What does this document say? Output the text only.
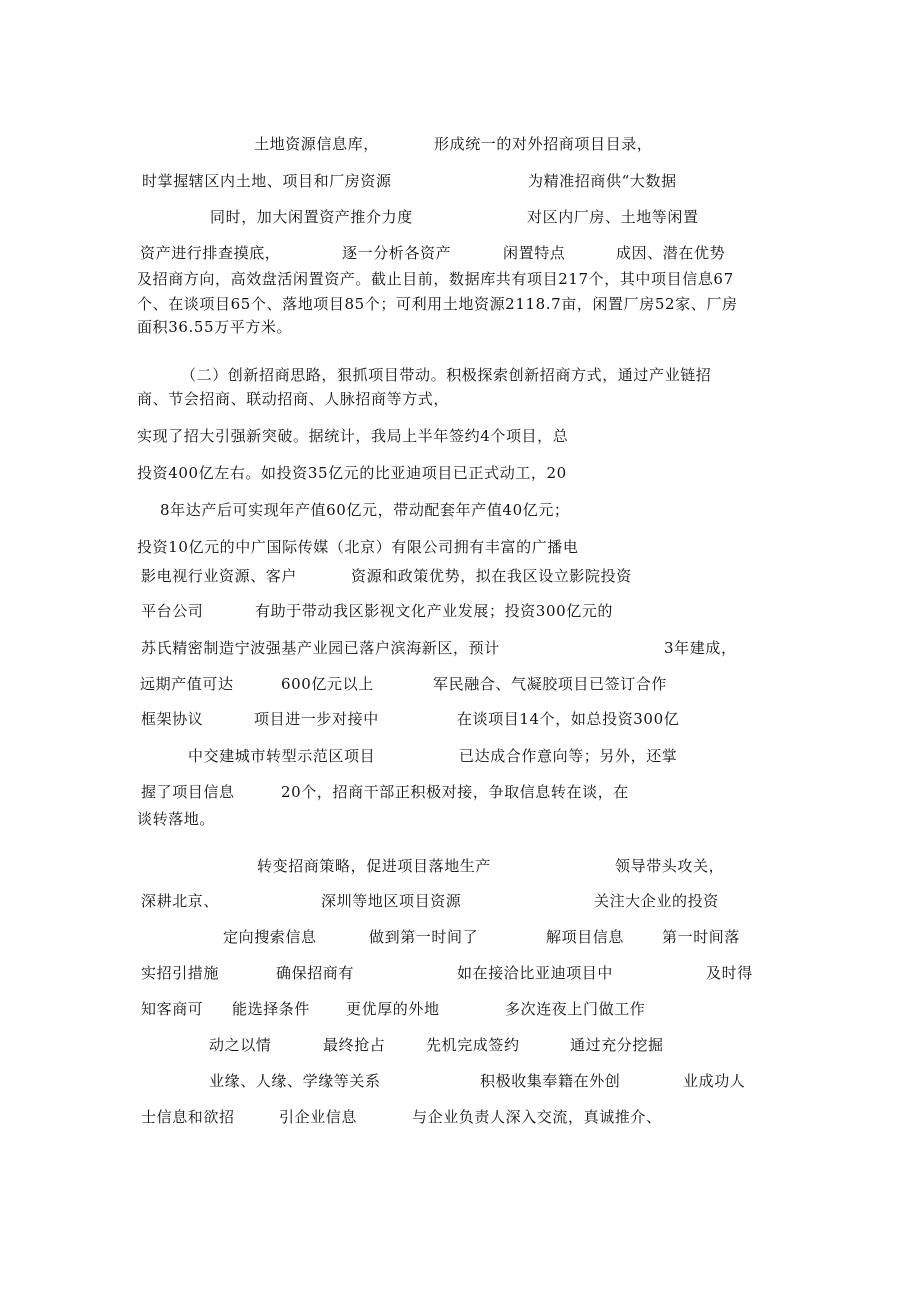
土地资源信息库，	形成统一的对外招商项目目录，
时掌握辖区内土地、项目和厂房资源	为精准招商供“大数据
同时，加大闲置资产推介力度	对区内厂房、土地等闲置
资产进行排查摸底，	逐一分析各资产	闲置特点	成因、潜在优势
及招商方向，高效盘活闲置资产。截止目前，数据库共有项目217个，其中项目信息67
个、在谈项目65个、落地项目85个；可利用土地资源2118.7亩，闲置厂房52家、厂房
面积36.55万平方米。
（二）创新招商思路，狠抓项目带动。积极探索创新招商方式，通过产业链招
商、节会招商、联动招商、人脉招商等方式，
实现了招大引强新突破。据统计，我局上半年签约4个项目，总
投资400亿左右。如投资35亿元的比亚迪项目已正式动工，20
8年达产后可实现年产值60亿元，带动配套年产值40亿元；
投资10亿元的中广国际传媒（北京）有限公司拥有丰富的广播电
影电视行业资源、客户	资源和政策优势，拟在我区设立影院投资
平台公司	有助于带动我区影视文化产业发展；投资300亿元的
苏氏精密制造宁波强基产业园已落户滨海新区，预计	3年建成，
远期产值可达	600亿元以上	军民融合、气凝胶项目已签订合作
框架协议	项目进一步对接中	在谈项目14个，如总投资300亿
中交建城市转型示范区项目	已达成合作意向等；另外，还掌
握了项目信息	20个，招商干部正积极对接，争取信息转在谈，在
谈转落地。
转变招商策略，促进项目落地生产	领导带头攻关，
深耕北京、	深圳等地区项目资源	关注大企业的投资
定向搜索信息	做到第一时间了	解项目信息	第一时间落
实招引措施	确保招商有	如在接洽比亚迪项目中	及时得
知客商可 能选择条件 更优厚的外地	多次连夜上门做工作
动之以情	最终抢占	先机完成签约	通过充分挖掘
业缘、人缘、学缘等关系	积极收集奉籍在外创	业成功人
士信息和欲招	引企业信息	与企业负责人深入交流，真诚推介、
